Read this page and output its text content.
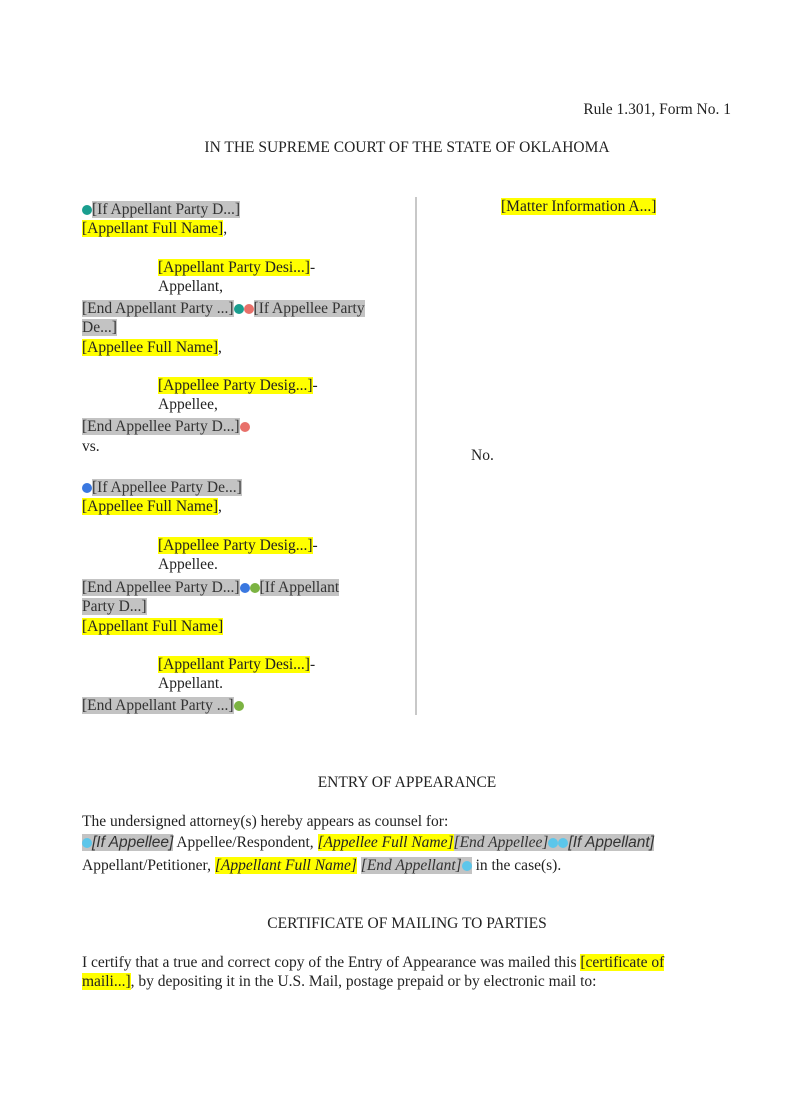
Rule 1.301, Form No. 1
IN THE SUPREME COURT OF THE STATE OF OKLAHOMA
[If Appellant Party D...]
[Appellant Full Name],
[Appellant Party Desi...]-
Appellant,
[End Appellant Party ...] [If Appellee Party
De...]
[Appellee Full Name],
[Appellee Party Desig...]-
Appellee,
[End Appellee Party D...]
vs.
[If Appellee Party De...]
[Appellee Full Name],
[Appellee Party Desig...]-
Appellee.
[End Appellee Party D...] [If Appellant
Party D...]
[Appellant Full Name]
[Appellant Party Desi...]-
Appellant.
[End Appellant Party ...]
[Matter Information A...]
No.
ENTRY OF APPEARANCE
The undersigned attorney(s) hereby appears as counsel for:
[If Appellee] Appellee/Respondent, [Appellee Full Name][End Appellee] [If Appellant]
Appellant/Petitioner, [Appellant Full Name] [End Appellant] in the case(s).
CERTIFICATE OF MAILING TO PARTIES
I certify that a true and correct copy of the Entry of Appearance was mailed this [certificate of
maili...], by depositing it in the U.S. Mail, postage prepaid or by electronic mail to:
